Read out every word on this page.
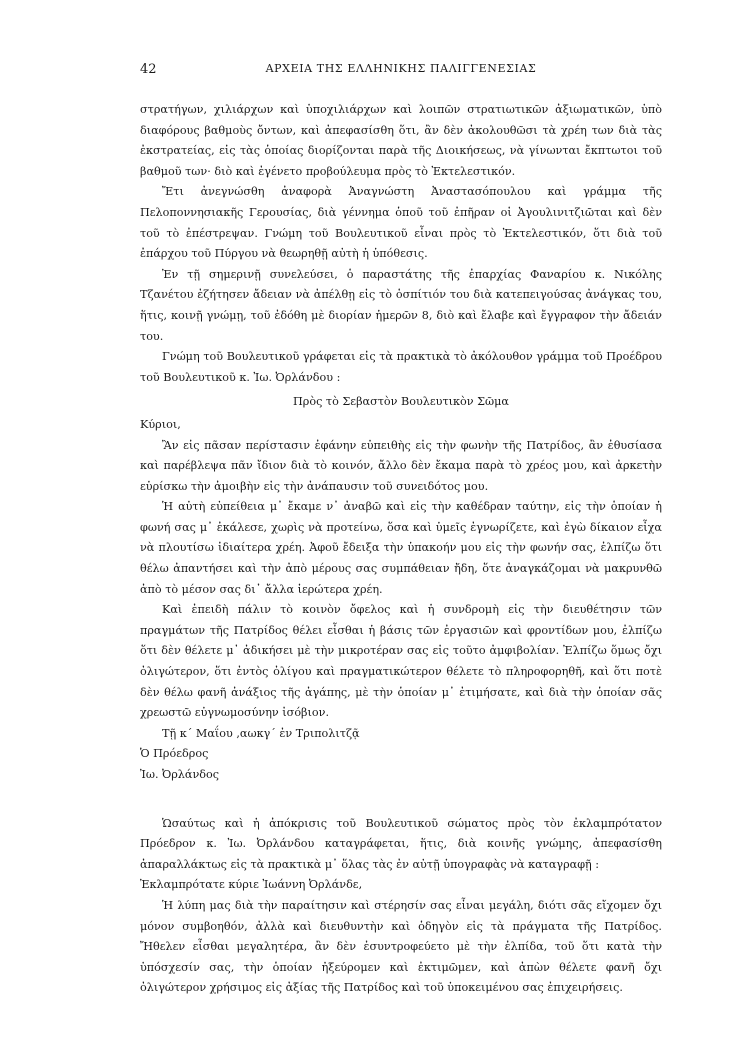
42	ΑΡΧΕΙΑ ΤΗΣ ΕΛΛΗΝΙΚΗΣ ΠΑΛΙΓΓΕΝΕΣΙΑΣ

στρατήγων, χιλιάρχων καὶ ὑποχιλιάρχων καὶ λοιπῶν στρατιωτικῶν ἀξιωματικῶν, ὑπὸ διαφόρους βαθμοὺς ὄντων, καὶ ἀπεφασίσθη ὅτι, ἂν δὲν ἀκολουθῶσι τὰ χρέη των διὰ τὰς ἐκστρατείας, εἰς τὰς ὁποίας διορίζονται παρὰ τῆς Διοικήσεως, νὰ γίνωνται ἔκπτωτοι τοῦ βαθμοῦ των· διὸ καὶ ἐγένετο προβούλευμα πρὸς τὸ Ἐκτελεστικόν.

Ἔτι ἀνεγνώσθη ἀναφορὰ Ἀναγνώστη Ἀναστασόπουλου καὶ γράμμα τῆς Πελοποννησιακῆς Γερουσίας, διὰ γέννημα ὁποῦ τοῦ ἐπῆραν οἱ Ἀγουλινιτζιῶται καὶ δὲν τοῦ τὸ ἐπέστρεψαν. Γνώμη τοῦ Βουλευτικοῦ εἶναι πρὸς τὸ Ἐκτελεστικόν, ὅτι διὰ τοῦ ἐπάρχου τοῦ Πύργου νὰ θεωρηθῇ αὐτὴ ἡ ὑπόθεσις.

Ἐν τῇ σημερινῇ συνελεύσει, ὁ παραστάτης τῆς ἐπαρχίας Φαναρίου κ. Νικόλης Τζανέτου ἐζήτησεν ἄδειαν νὰ ἀπέλθῃ εἰς τὸ ὁσπίτιόν του διὰ κατεπειγούσας ἀνάγκας του, ἥτις, κοινῇ γνώμῃ, τοῦ ἐδόθη μὲ διορίαν ἡμερῶν 8, διὸ καὶ ἔλαβε καὶ ἔγγραφον τὴν ἄδειάν του.

Γνώμη τοῦ Βουλευτικοῦ γράφεται εἰς τὰ πρακτικὰ τὸ ἀκόλουθον γράμμα τοῦ Προέδρου τοῦ Βουλευτικοῦ κ. Ἰω. Ὀρλάνδου :

Πρὸς τὸ Σεβαστὸν Βουλευτικὸν Σῶμα

Κύριοι,

Ἂν εἰς πᾶσαν περίστασιν ἐφάνην εὐπειθὴς εἰς τὴν φωνὴν τῆς Πατρίδος, ἂν ἐθυσίασα καὶ παρέβλεψα πᾶν ἴδιον διὰ τὸ κοινόν, ἄλλο δὲν ἔκαμα παρὰ τὸ χρέος μου, καὶ ἀρκετὴν εὑρίσκω τὴν ἀμοιβὴν εἰς τὴν ἀνάπαυσιν τοῦ συνειδότος μου.

Ἡ αὐτὴ εὐπείθεια μ᾽ ἔκαμε ν᾽ ἀναβῶ καὶ εἰς τὴν καθέδραν ταύτην, εἰς τὴν ὁποίαν ἡ φωνή σας μ᾽ ἐκάλεσε, χωρὶς νὰ προτείνω, ὅσα καὶ ὑμεῖς ἐγνωρίζετε, καὶ ἐγὼ δίκαιον εἶχα νὰ πλουτίσω ἰδιαίτερα χρέη. Ἀφοῦ ἔδειξα τὴν ὑπακοήν μου εἰς τὴν φωνήν σας, ἐλπίζω ὅτι θέλω ἀπαντήσει καὶ τὴν ἀπὸ μέρους σας συμπάθειαν ἤδη, ὅτε ἀναγκάζομαι νὰ μακρυνθῶ ἀπὸ τὸ μέσον σας δι᾽ ἄλλα ἱερώτερα χρέη.

Καὶ ἐπειδὴ πάλιν τὸ κοινὸν ὄφελος καὶ ἡ συνδρομὴ εἰς τὴν διευθέτησιν τῶν πραγμάτων τῆς Πατρίδος θέλει εἶσθαι ἡ βάσις τῶν ἐργασιῶν καὶ φροντίδων μου, ἐλπίζω ὅτι δὲν θέλετε μ᾽ ἀδικήσει μὲ τὴν μικροτέραν σας εἰς τοῦτο ἀμφιβολίαν. Ἐλπίζω ὅμως ὄχι ὀλιγώτερον, ὅτι ἐντὸς ὀλίγου καὶ πραγματικώτερον θέλετε τὸ πληροφορηθῆ, καὶ ὅτι ποτὲ δὲν θέλω φανῆ ἀνάξιος τῆς ἀγάπης, μὲ τὴν ὁποίαν μ᾽ ἐτιμήσατε, καὶ διὰ τὴν ὁποίαν σᾶς χρεωστῶ εὐγνωμοσύνην ἰσόβιον.

Τῇ κ´ Μαΐου ,αωκγ´ ἐν Τριπολιτζᾷ

Ὁ Πρόεδρος

Ἰω. Ὀρλάνδος

Ὡσαύτως καὶ ἡ ἀπόκρισις τοῦ Βουλευτικοῦ σώματος πρὸς τὸν ἐκλαμπρότατον Πρόεδρον κ. Ἰω. Ὀρλάνδου καταγράφεται, ἥτις, διὰ κοινῆς γνώμης, ἀπεφασίσθη ἀπαραλλάκτως εἰς τὰ πρακτικὰ μ᾽ ὅλας τὰς ἐν αὐτῇ ὑπογραφὰς νὰ καταγραφῇ :

Ἐκλαμπρότατε κύριε Ἰωάννη Ὀρλάνδε,

Ἡ λύπη μας διὰ τὴν παραίτησιν καὶ στέρησίν σας εἶναι μεγάλη, διότι σᾶς εἴχομεν ὄχι μόνον συμβοηθόν, ἀλλὰ καὶ διευθυντὴν καὶ ὁδηγὸν εἰς τὰ πράγματα τῆς Πατρίδος. Ἤθελεν εἶσθαι μεγαλητέρα, ἂν δὲν ἐσυντροφεύετο μὲ τὴν ἐλπίδα, τοῦ ὅτι κατὰ τὴν ὑπόσχεσίν σας, τὴν ὁποίαν ἠξεύρομεν καὶ ἐκτιμῶμεν, καὶ ἀπὼν θέλετε φανῆ ὄχι ὀλιγώτερον χρήσιμος εἰς ἀξίας τῆς Πατρίδος καὶ τοῦ ὑποκειμένου σας ἐπιχειρήσεις.
